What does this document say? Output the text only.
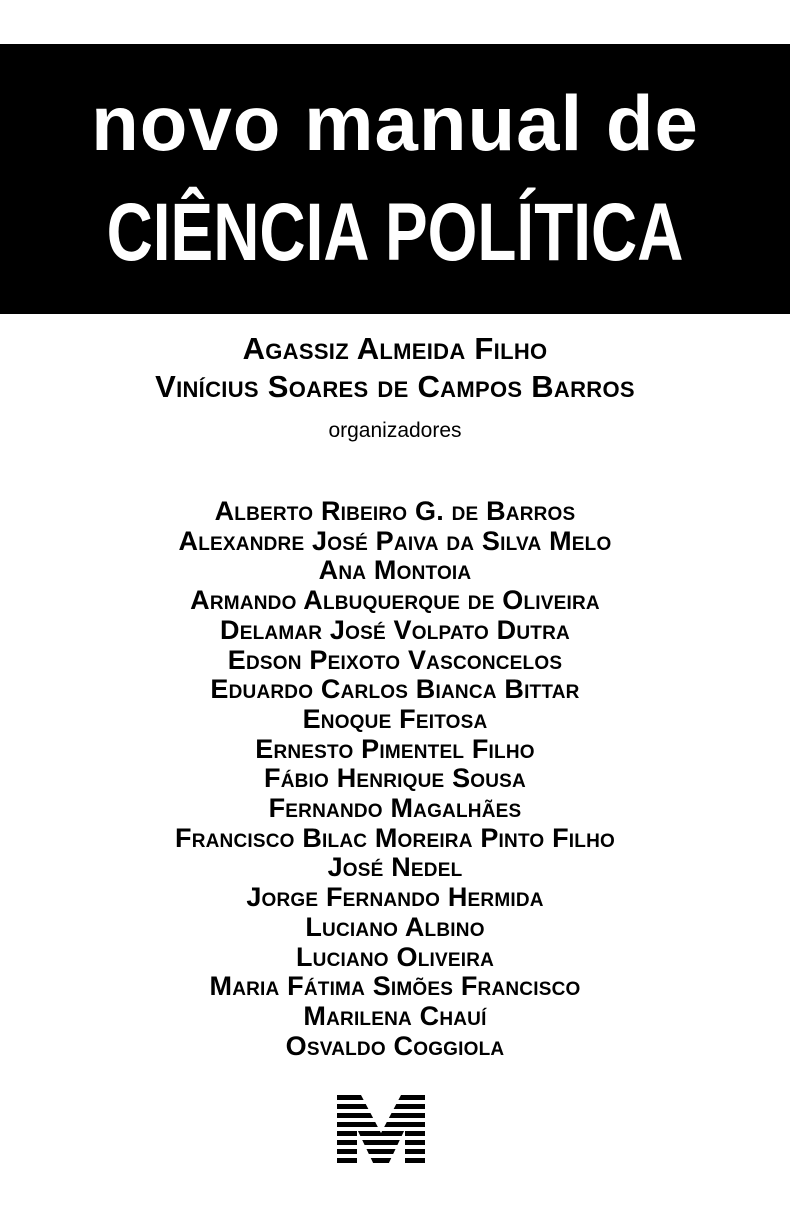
novo manual de
CIÊNCIA POLÍTICA
Agassiz Almeida Filho
Vinícius Soares de Campos Barros
organizadores
Alberto Ribeiro G. de Barros
Alexandre José Paiva da Silva Melo
Ana Montoia
Armando Albuquerque de Oliveira
Delamar José Volpato Dutra
Edson Peixoto Vasconcelos
Eduardo Carlos Bianca Bittar
Enoque Feitosa
Ernesto Pimentel Filho
Fábio Henrique Sousa
Fernando Magalhães
Francisco Bilac Moreira Pinto Filho
José Nedel
Jorge Fernando Hermida
Luciano Albino
Luciano Oliveira
Maria Fátima Simões Francisco
Marilena Chauí
Osvaldo Coggiola
